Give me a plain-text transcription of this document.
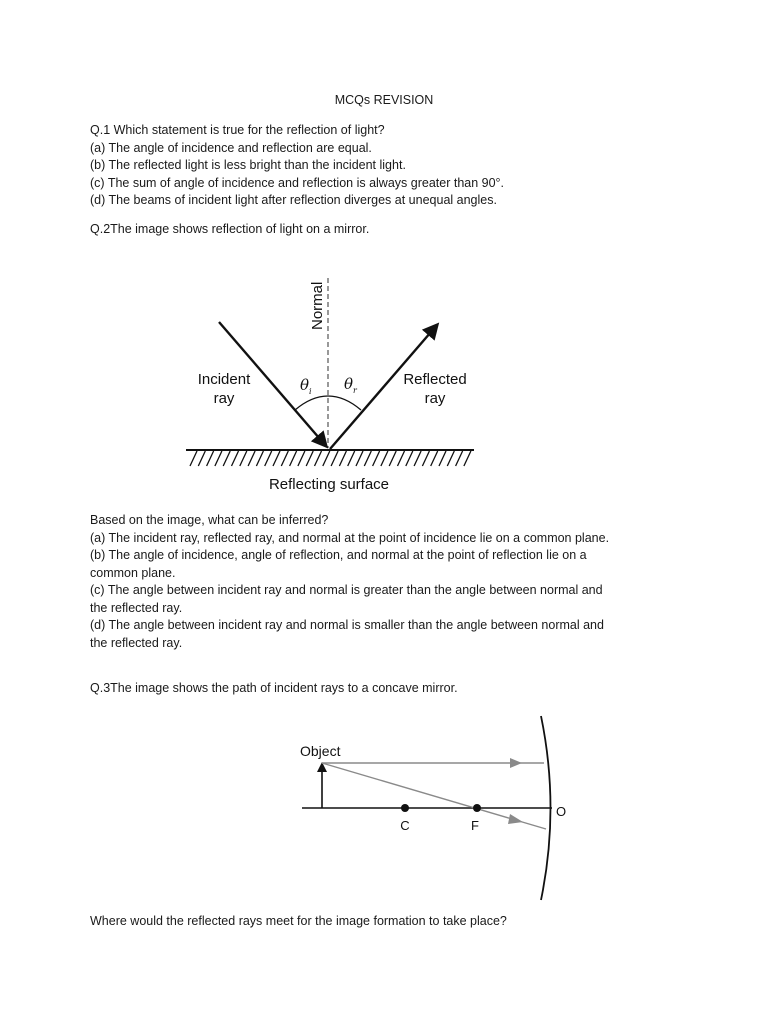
MCQs REVISION
Q.1 Which statement is true for the reflection of light?
(a) The angle of incidence and reflection are equal.
(b) The reflected light is less bright than the incident light.
(c) The sum of angle of incidence and reflection is always greater than 90°.
(d) The beams of incident light after reflection diverges at unequal angles.
Q.2The image shows reflection of light on a mirror.
Normal
θ i θ r
Incident
ray
Reflected
ray
Reflecting surface
Based on the image, what can be inferred?
(a) The incident ray, reflected ray, and normal at the point of incidence lie on a common plane.
(b) The angle of incidence, angle of reflection, and normal at the point of reflection lie on a common plane.
(c) The angle between incident ray and normal is greater than the angle between normal and the reflected ray.
(d) The angle between incident ray and normal is smaller than the angle between normal and the reflected ray.
Q.3The image shows the path of incident rays to a concave mirror.
Object
C	F
O
Where would the reflected rays meet for the image formation to take place?
